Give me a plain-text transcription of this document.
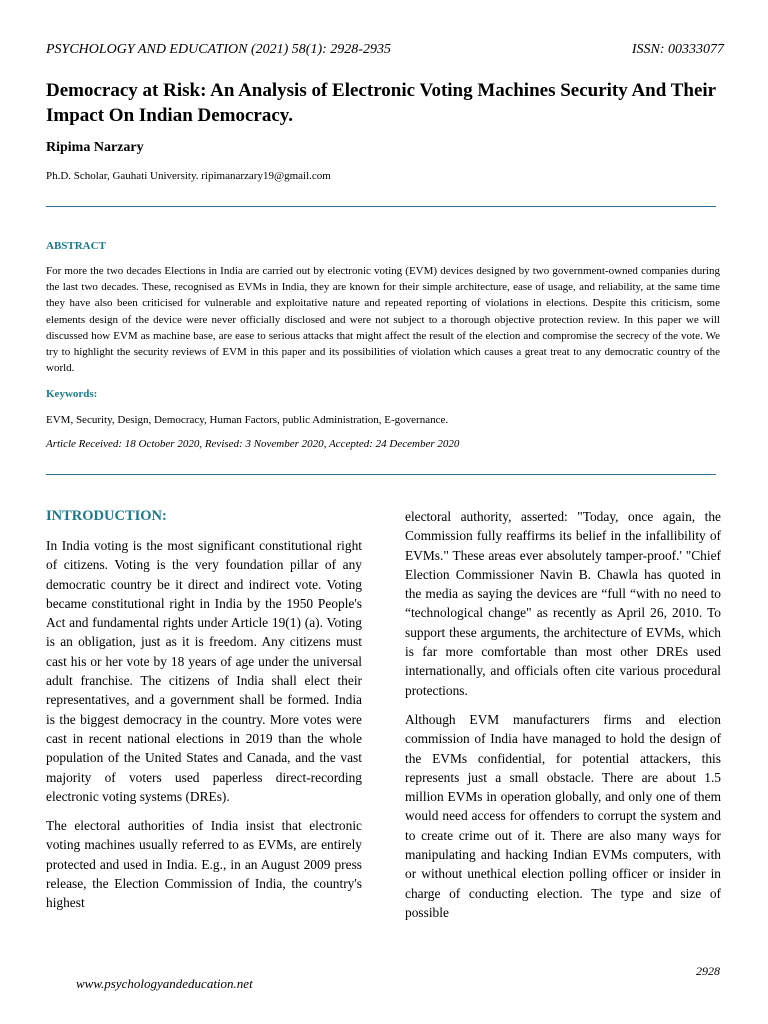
PSYCHOLOGY AND EDUCATION (2021) 58(1): 2928-2935	ISSN: 00333077
Democracy at Risk: An Analysis of Electronic Voting Machines Security And Their Impact On Indian Democracy.
Ripima Narzary
Ph.D. Scholar, Gauhati University. ripimanarzary19@gmail.com
ABSTRACT

For more the two decades Elections in India are carried out by electronic voting (EVM) devices designed by two government-owned companies during the last two decades. These, recognised as EVMs in India, they are known for their simple architecture, ease of usage, and reliability, at the same time they have also been criticised for vulnerable and exploitative nature and repeated reporting of violations in elections. Despite this criticism, some elements design of the device were never officially disclosed and were not subject to a thorough objective protection review. In this paper we will discussed how EVM as machine base, are ease to serious attacks that might affect the result of the election and compromise the secrecy of the vote. We try to highlight the security reviews of EVM in this paper and its possibilities of violation which causes a great treat to any democratic country of the world.

Keywords:
EVM, Security, Design, Democracy, Human Factors, public Administration, E-governance.
Article Received: 18 October 2020, Revised: 3 November 2020, Accepted: 24 December 2020
INTRODUCTION:

In India voting is the most significant constitutional right of citizens. Voting is the very foundation pillar of any democratic country be it direct and indirect vote. Voting became constitutional right in India by the 1950 People's Act and fundamental rights under Article 19(1) (a). Voting is an obligation, just as it is freedom. Any citizens must cast his or her vote by 18 years of age under the universal adult franchise. The citizens of India shall elect their representatives, and a government shall be formed. India is the biggest democracy in the country. More votes were cast in recent national elections in 2019 than the whole population of the United States and Canada, and the vast majority of voters used paperless direct-recording electronic voting systems (DREs).

The electoral authorities of India insist that electronic voting machines usually referred to as EVMs, are entirely protected and used in India. E.g., in an August 2009 press release, the Election Commission of India, the country's highest

electoral authority, asserted: "Today, once again, the Commission fully reaffirms its belief in the infallibility of EVMs." These areas ever absolutely tamper-proof.' "Chief Election Commissioner Navin B. Chawla has quoted in the media as saying the devices are “full “with no need to “technological change" as recently as April 26, 2010. To support these arguments, the architecture of EVMs, which is far more comfortable than most other DREs used internationally, and officials often cite various procedural protections.

Although EVM manufacturers firms and election commission of India have managed to hold the design of the EVMs confidential, for potential attackers, this represents just a small obstacle. There are about 1.5 million EVMs in operation globally, and only one of them would need access for offenders to corrupt the system and to create crime out of it. There are also many ways for manipulating and hacking Indian EVMs computers, with or without unethical election polling officer or insider in charge of conducting election. The type and size of possible

2928
www.psychologyandeducation.net
